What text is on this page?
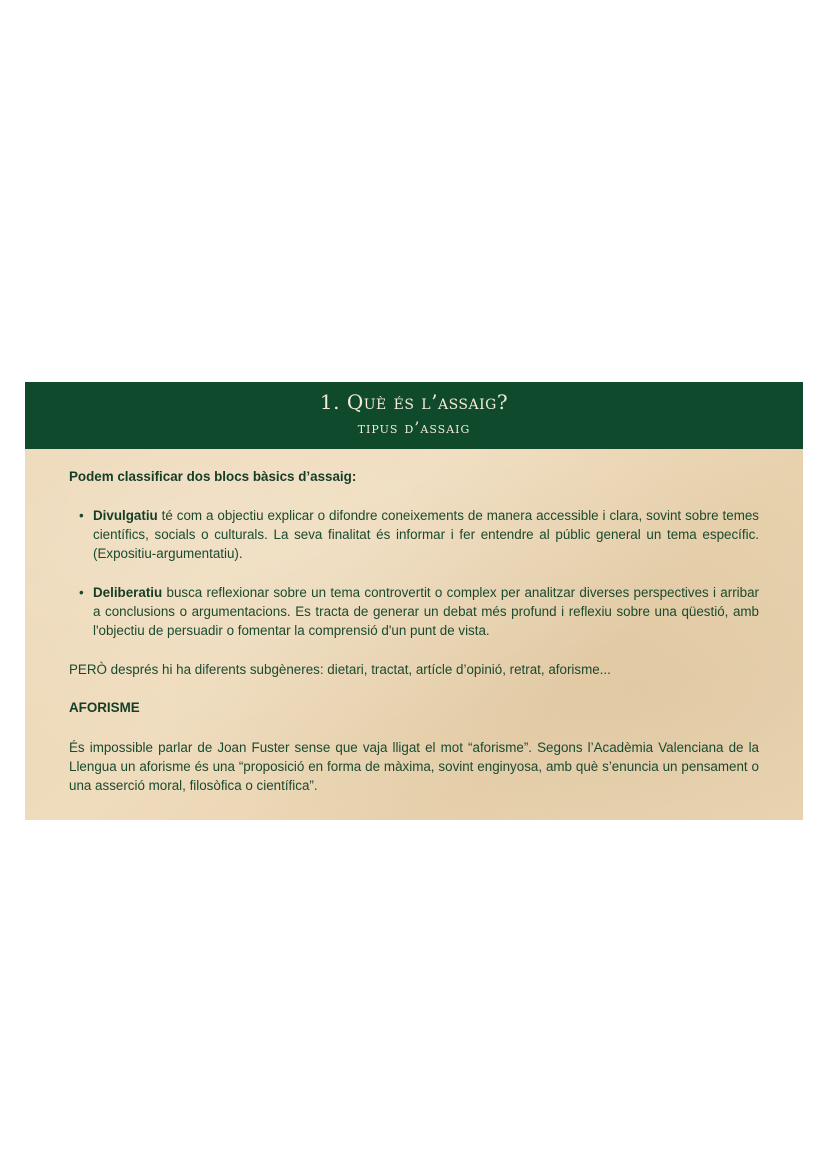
1. Què és l’assaig?
tipus d’assaig

Podem classificar dos blocs bàsics d’assaig:

• Divulgatiu té com a objectiu explicar o difondre coneixements de manera accessible i clara, sovint sobre temes científics, socials o culturals. La seva finalitat és informar i fer entendre al públic general un tema específic. (Expositiu-argumentatiu).
• Deliberatiu busca reflexionar sobre un tema controvertit o complex per analitzar diverses perspectives i arribar a conclusions o argumentacions. Es tracta de generar un debat més profund i reflexiu sobre una qüestió, amb l'objectiu de persuadir o fomentar la comprensió d'un punt de vista.

PERÒ després hi ha diferents subgèneres: dietari, tractat, artícle d’opinió, retrat, aforisme...

AFORISME

És impossible parlar de Joan Fuster sense que vaja lligat el mot “aforisme”. Segons l’Acadèmia Valenciana de la Llengua un aforisme és una “proposició en forma de màxima, sovint enginyosa, amb què s’enuncia un pensament o una asserció moral, filosòfica o científica”.
